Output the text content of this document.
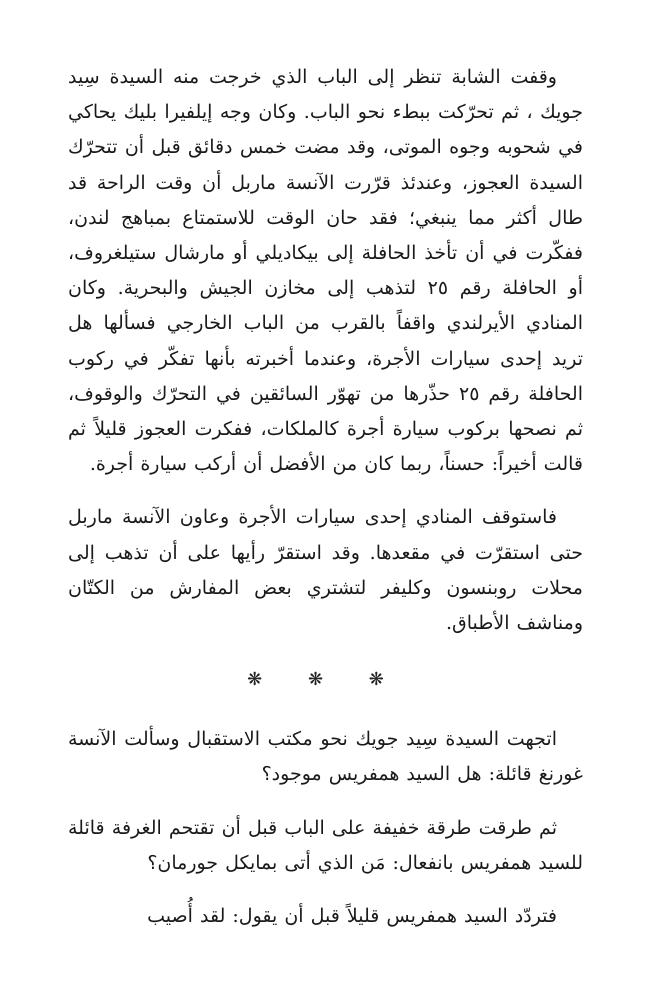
وقفت الشابة تنظر إلى الباب الذي خرجت منه السيدة سِيد جويك ، ثم تحرّكت ببطء نحو الباب. وكان وجه إيلفيرا بليك يحاكي في شحوبه وجوه الموتى، وقد مضت خمس دقائق قبل أن تتحرّك السيدة العجوز، وعندئذ قرّرت الآنسة ماربل أن وقت الراحة قد طال أكثر مما ينبغي؛ فقد حان الوقت للاستمتاع بمباهج لندن، ففكّرت في أن تأخذ الحافلة إلى بيكاديلي أو مارشال ستيلغروف، أو الحافلة رقم ٢٥ لتذهب إلى مخازن الجيش والبحرية. وكان المنادي الأيرلندي واقفاً بالقرب من الباب الخارجي فسألها هل تريد إحدى سيارات الأجرة، وعندما أخبرته بأنها تفكّر في ركوب الحافلة رقم ٢٥ حذّرها من تهوّر السائقين في التحرّك والوقوف، ثم نصحها بركوب سيارة أجرة كالملكات، ففكرت العجوز قليلاً ثم قالت أخيراً: حسناً، ربما كان من الأفضل أن أركب سيارة أجرة.

فاستوقف المنادي إحدى سيارات الأجرة وعاون الآنسة ماربل حتى استقرّت في مقعدها. وقد استقرّ رأيها على أن تذهب إلى محلات روبنسون وكليفر لتشتري بعض المفارش من الكتّان ومناشف الأطباق.

❋ ❋ ❋

اتجهت السيدة سِيد جويك نحو مكتب الاستقبال وسألت الآنسة غورنغ قائلة: هل السيد همفريس موجود؟

ثم طرقت طرقة خفيفة على الباب قبل أن تقتحم الغرفة قائلة للسيد همفريس بانفعال: مَن الذي أتى بمايكل جورمان؟

فتردّد السيد همفريس قليلاً قبل أن يقول: لقد أُصيب
